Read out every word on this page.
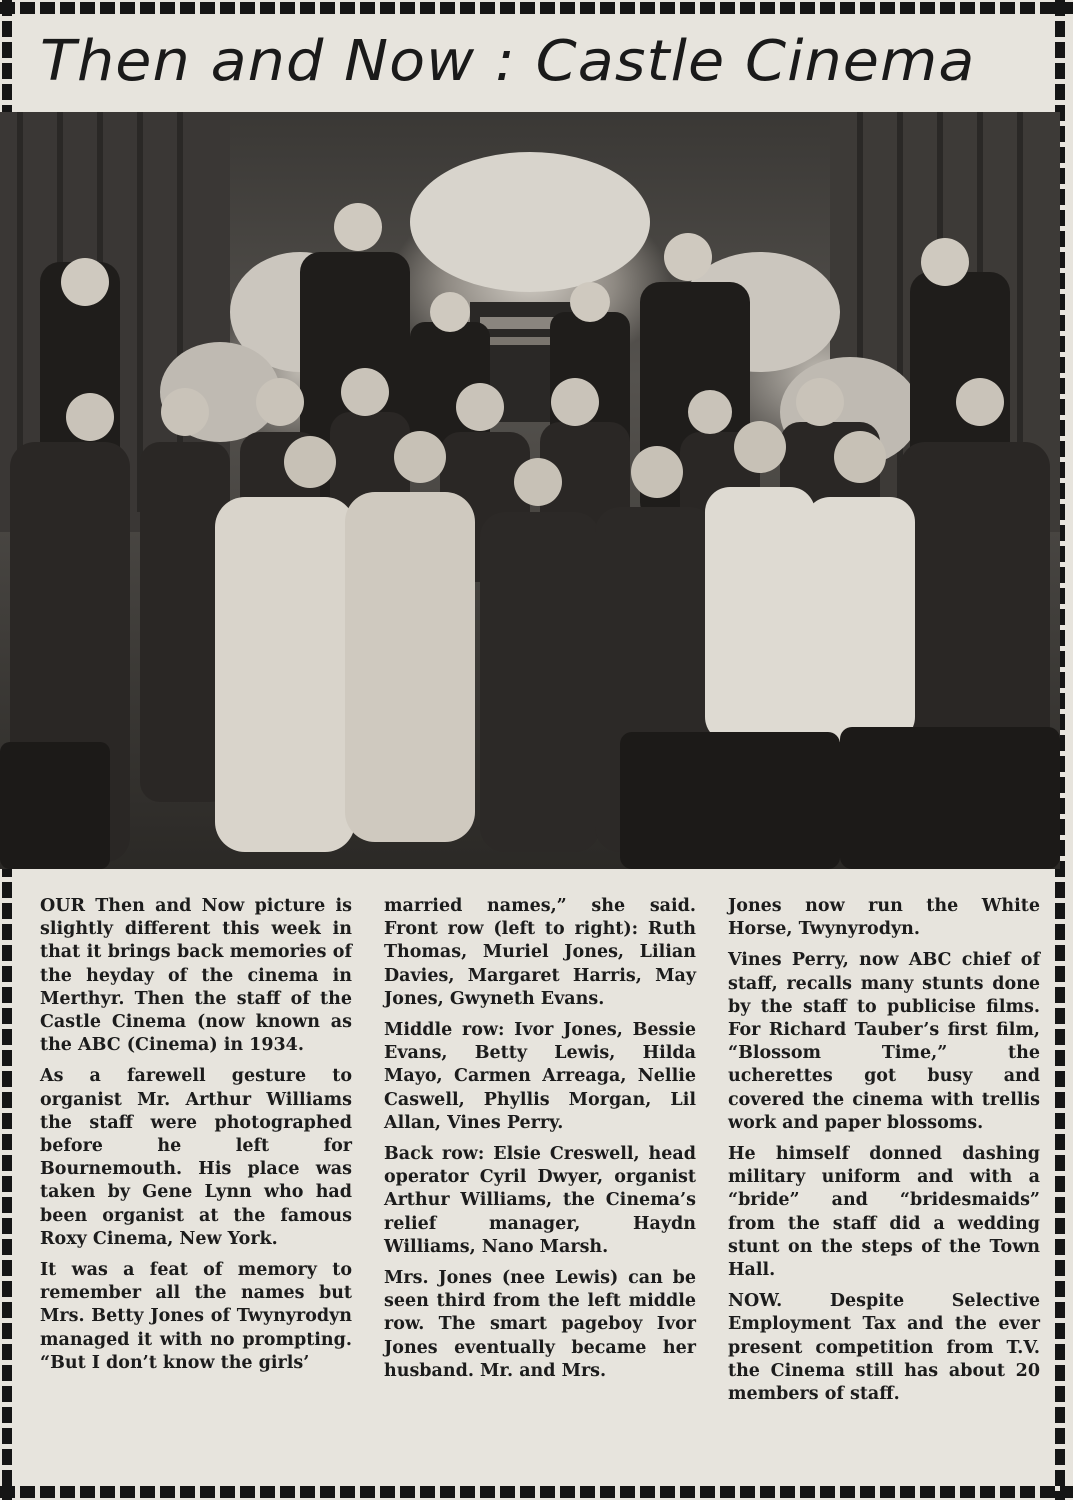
Then and Now : Castle Cinema

OUR Then and Now picture is slightly different this week in that it brings back memories of the heyday of the cinema in Merthyr. Then the staff of the Castle Cinema (now known as the ABC (Cinema) in 1934.

As a farewell gesture to organist Mr. Arthur Williams the staff were photographed before he left for Bournemouth. His place was taken by Gene Lynn who had been organist at the famous Roxy Cinema, New York.

It was a feat of memory to remember all the names but Mrs. Betty Jones of Twynyrodyn managed it with no prompting. “But I don’t know the girls’

married names,” she said. Front row (left to right): Ruth Thomas, Muriel Jones, Lilian Davies, Margaret Harris, May Jones, Gwyneth Evans.

Middle row: Ivor Jones, Bessie Evans, Betty Lewis, Hilda Mayo, Carmen Arreaga, Nellie Caswell, Phyllis Morgan, Lil Allan, Vines Perry.

Back row: Elsie Creswell, head operator Cyril Dwyer, organist Arthur Williams, the Cinema’s relief manager, Haydn Williams, Nano Marsh.

Mrs. Jones (nee Lewis) can be seen third from the left middle row. The smart pageboy Ivor Jones eventually became her husband. Mr. and Mrs.

Jones now run the White Horse, Twynyrodyn.

Vines Perry, now ABC chief of staff, recalls many stunts done by the staff to publicise films. For Richard Tauber’s first film, “Blossom Time,” the ucherettes got busy and covered the cinema with trellis work and paper blossoms.

He himself donned dashing military uniform and with a “bride” and “bridesmaids” from the staff did a wedding stunt on the steps of the Town Hall.

NOW. Despite Selective Employment Tax and the ever present competition from T.V. the Cinema still has about 20 members of staff.
